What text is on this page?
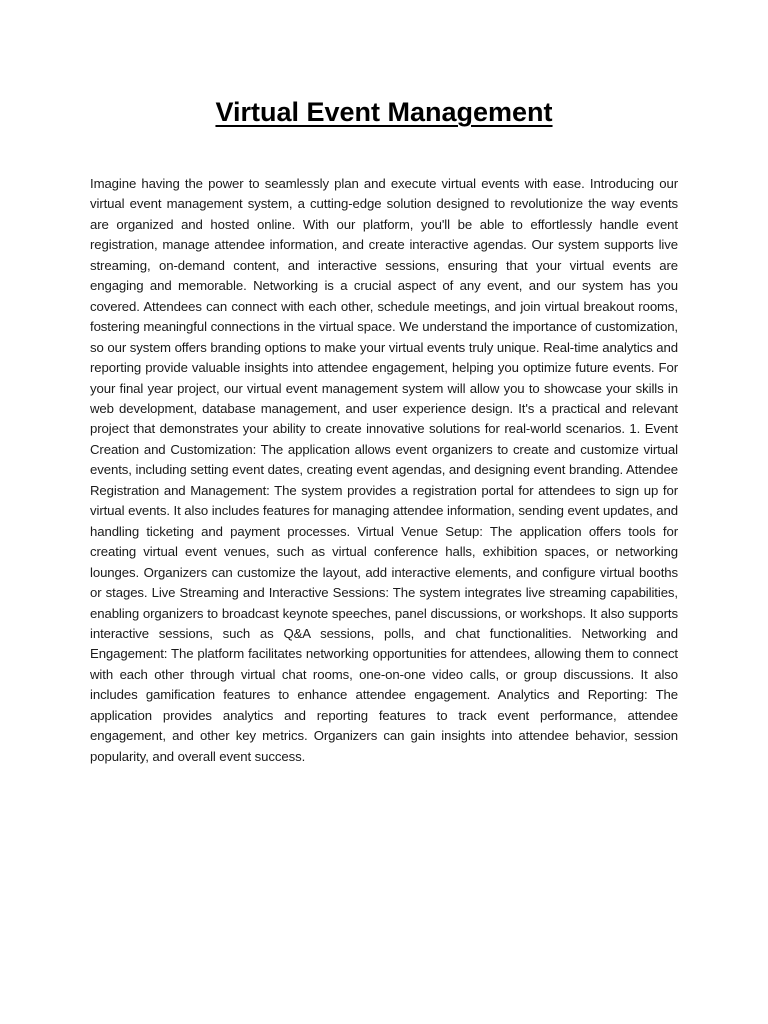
Virtual Event Management

Imagine having the power to seamlessly plan and execute virtual events with ease. Introducing our virtual event management system, a cutting-edge solution designed to revolutionize the way events are organized and hosted online. With our platform, you'll be able to effortlessly handle event registration, manage attendee information, and create interactive agendas. Our system supports live streaming, on-demand content, and interactive sessions, ensuring that your virtual events are engaging and memorable. Networking is a crucial aspect of any event, and our system has you covered. Attendees can connect with each other, schedule meetings, and join virtual breakout rooms, fostering meaningful connections in the virtual space. We understand the importance of customization, so our system offers branding options to make your virtual events truly unique. Real-time analytics and reporting provide valuable insights into attendee engagement, helping you optimize future events. For your final year project, our virtual event management system will allow you to showcase your skills in web development, database management, and user experience design. It's a practical and relevant project that demonstrates your ability to create innovative solutions for real-world scenarios. 1. Event Creation and Customization: The application allows event organizers to create and customize virtual events, including setting event dates, creating event agendas, and designing event branding. Attendee Registration and Management: The system provides a registration portal for attendees to sign up for virtual events. It also includes features for managing attendee information, sending event updates, and handling ticketing and payment processes. Virtual Venue Setup: The application offers tools for creating virtual event venues, such as virtual conference halls, exhibition spaces, or networking lounges. Organizers can customize the layout, add interactive elements, and configure virtual booths or stages. Live Streaming and Interactive Sessions: The system integrates live streaming capabilities, enabling organizers to broadcast keynote speeches, panel discussions, or workshops. It also supports interactive sessions, such as Q&A sessions, polls, and chat functionalities. Networking and Engagement: The platform facilitates networking opportunities for attendees, allowing them to connect with each other through virtual chat rooms, one-on-one video calls, or group discussions. It also includes gamification features to enhance attendee engagement. Analytics and Reporting: The application provides analytics and reporting features to track event performance, attendee engagement, and other key metrics. Organizers can gain insights into attendee behavior, session popularity, and overall event success.
